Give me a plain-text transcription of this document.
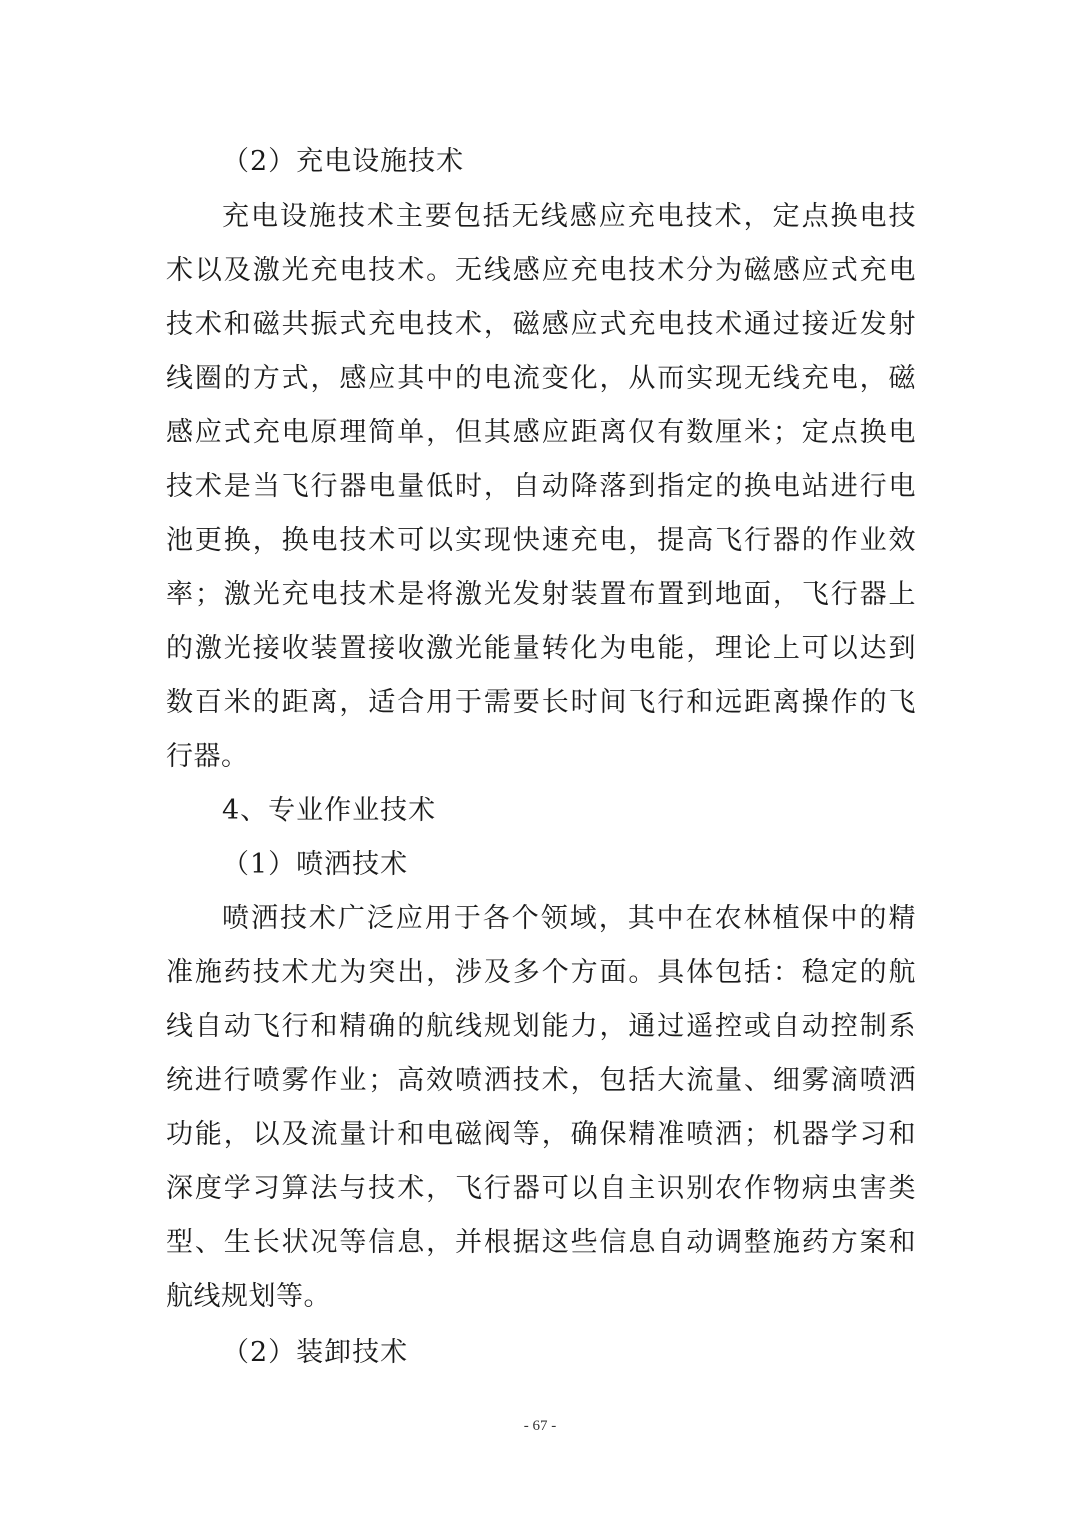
（2）充电设施技术
充电设施技术主要包括无线感应充电技术，定点换电技
术以及激光充电技术。无线感应充电技术分为磁感应式充电
技术和磁共振式充电技术，磁感应式充电技术通过接近发射
线圈的方式，感应其中的电流变化，从而实现无线充电，磁
感应式充电原理简单，但其感应距离仅有数厘米；定点换电
技术是当飞行器电量低时，自动降落到指定的换电站进行电
池更换，换电技术可以实现快速充电，提高飞行器的作业效
率；激光充电技术是将激光发射装置布置到地面，飞行器上
的激光接收装置接收激光能量转化为电能，理论上可以达到
数百米的距离，适合用于需要长时间飞行和远距离操作的飞
行器。
4、专业作业技术
（1）喷洒技术
喷洒技术广泛应用于各个领域，其中在农林植保中的精
准施药技术尤为突出，涉及多个方面。具体包括：稳定的航
线自动飞行和精确的航线规划能力，通过遥控或自动控制系
统进行喷雾作业；高效喷洒技术，包括大流量、细雾滴喷洒
功能，以及流量计和电磁阀等，确保精准喷洒；机器学习和
深度学习算法与技术，飞行器可以自主识别农作物病虫害类
型、生长状况等信息，并根据这些信息自动调整施药方案和
航线规划等。
（2）装卸技术
- 67 -
